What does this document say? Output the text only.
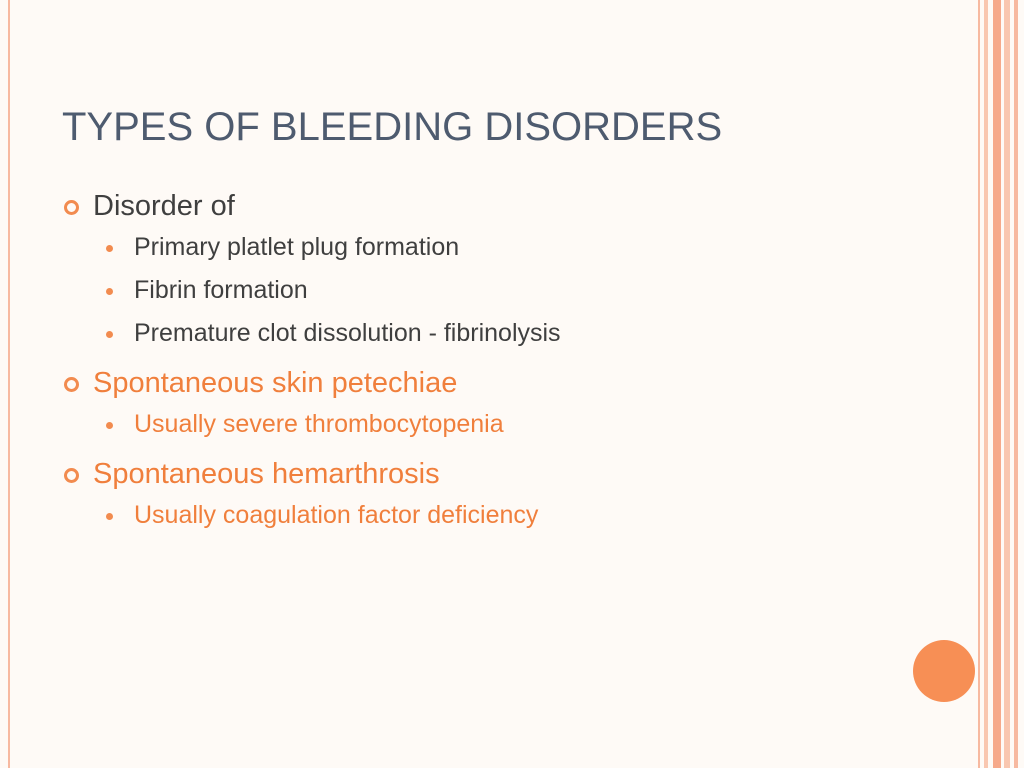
TYPES OF BLEEDING DISORDERS
Disorder of
Primary platlet plug formation
Fibrin formation
Premature clot dissolution - fibrinolysis
Spontaneous skin petechiae
Usually severe thrombocytopenia
Spontaneous hemarthrosis
Usually coagulation factor deficiency
